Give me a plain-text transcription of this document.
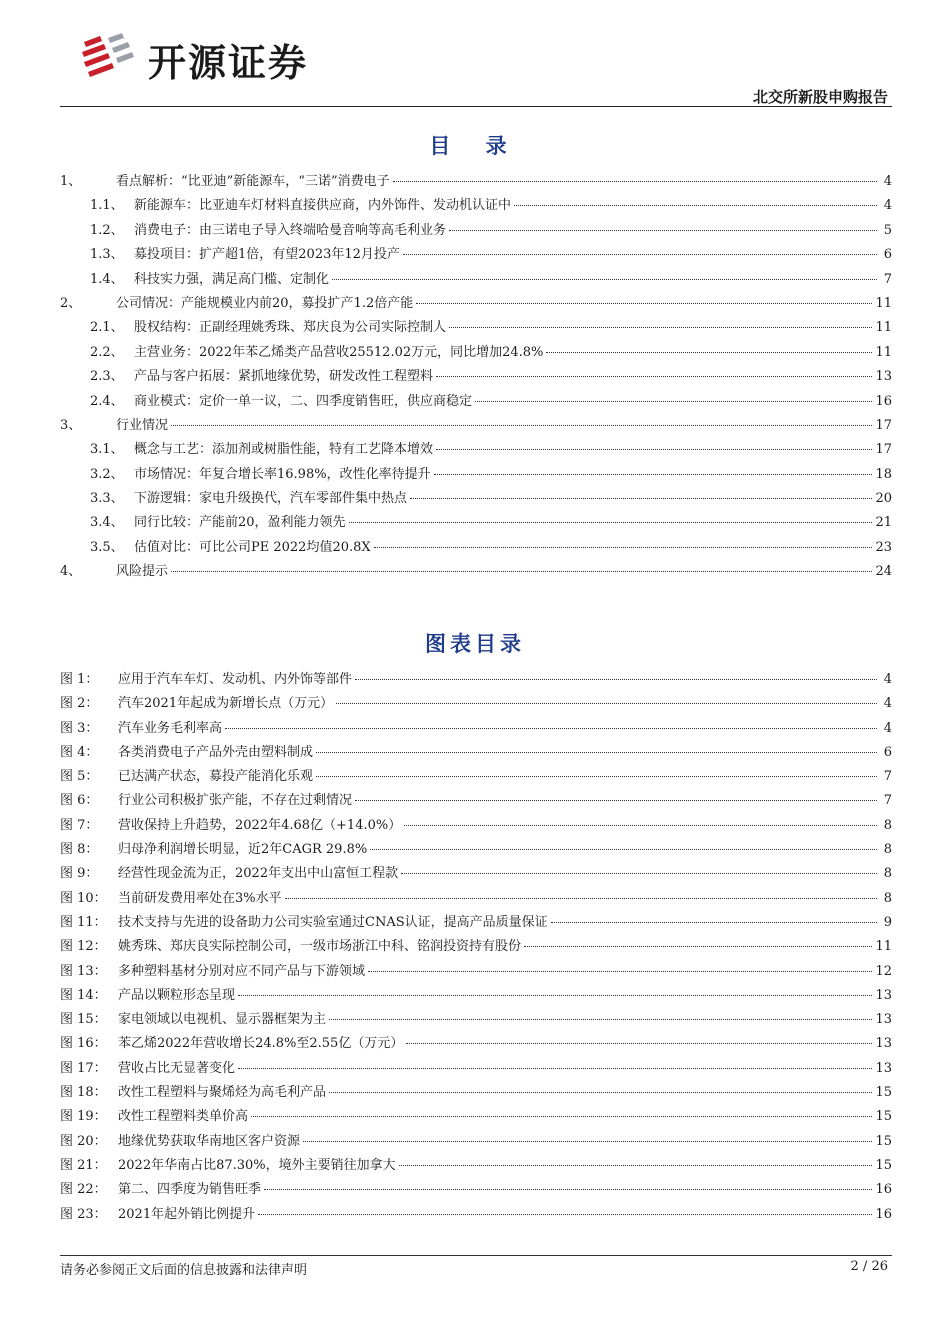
开源证券
北交所新股申购报告
目 录
1、	看点解析：“比亚迪”新能源车，“三诺”消费电子	4
1.1、 新能源车：比亚迪车灯材料直接供应商，内外饰件、发动机认证中	4
1.2、 消费电子：由三诺电子导入终端哈曼音响等高毛利业务	5
1.3、 募投项目：扩产超1倍，有望2023年12月投产	6
1.4、 科技实力强，满足高门槛、定制化	7
2、	公司情况：产能规模业内前20，募投扩产1.2倍产能	11
2.1、 股权结构：正副经理姚秀珠、郑庆良为公司实际控制人	11
2.2、 主营业务：2022年苯乙烯类产品营收25512.02万元，同比增加24.8%	11
2.3、 产品与客户拓展：紧抓地缘优势，研发改性工程塑料	13
2.4、 商业模式：定价一单一议，二、四季度销售旺，供应商稳定	16
3、	行业情况	17
3.1、 概念与工艺：添加剂或树脂性能，特有工艺降本增效	17
3.2、 市场情况：年复合增长率16.98%，改性化率待提升	18
3.3、 下游逻辑：家电升级换代，汽车零部件集中热点	20
3.4、 同行比较：产能前20，盈利能力领先	21
3.5、 估值对比：可比公司PE 2022均值20.8X	23
4、	风险提示	24
图表目录
图 1：	应用于汽车车灯、发动机、内外饰等部件	4
图 2：	汽车2021年起成为新增长点（万元）	4
图 3：	汽车业务毛利率高	4
图 4：	各类消费电子产品外壳由塑料制成	6
图 5：	已达满产状态，募投产能消化乐观	7
图 6：	行业公司积极扩张产能，不存在过剩情况	7
图 7：	营收保持上升趋势，2022年4.68亿（+14.0%）	8
图 8：	归母净利润增长明显，近2年CAGR 29.8%	8
图 9：	经营性现金流为正，2022年支出中山富恒工程款	8
图 10： 当前研发费用率处在3%水平	8
图 11： 技术支持与先进的设备助力公司实验室通过CNAS认证，提高产品质量保证	9
图 12： 姚秀珠、郑庆良实际控制公司，一级市场浙江中科、铭润投资持有股份	11
图 13： 多种塑料基材分别对应不同产品与下游领域	12
图 14： 产品以颗粒形态呈现	13
图 15： 家电领域以电视机、显示器框架为主	13
图 16： 苯乙烯2022年营收增长24.8%至2.55亿（万元）	13
图 17： 营收占比无显著变化	13
图 18： 改性工程塑料与聚烯烃为高毛利产品	15
图 19： 改性工程塑料类单价高	15
图 20： 地缘优势获取华南地区客户资源	15
图 21： 2022年华南占比87.30%，境外主要销往加拿大	15
图 22： 第二、四季度为销售旺季	16
图 23： 2021年起外销比例提升	16
请务必参阅正文后面的信息披露和法律声明	2 / 26
